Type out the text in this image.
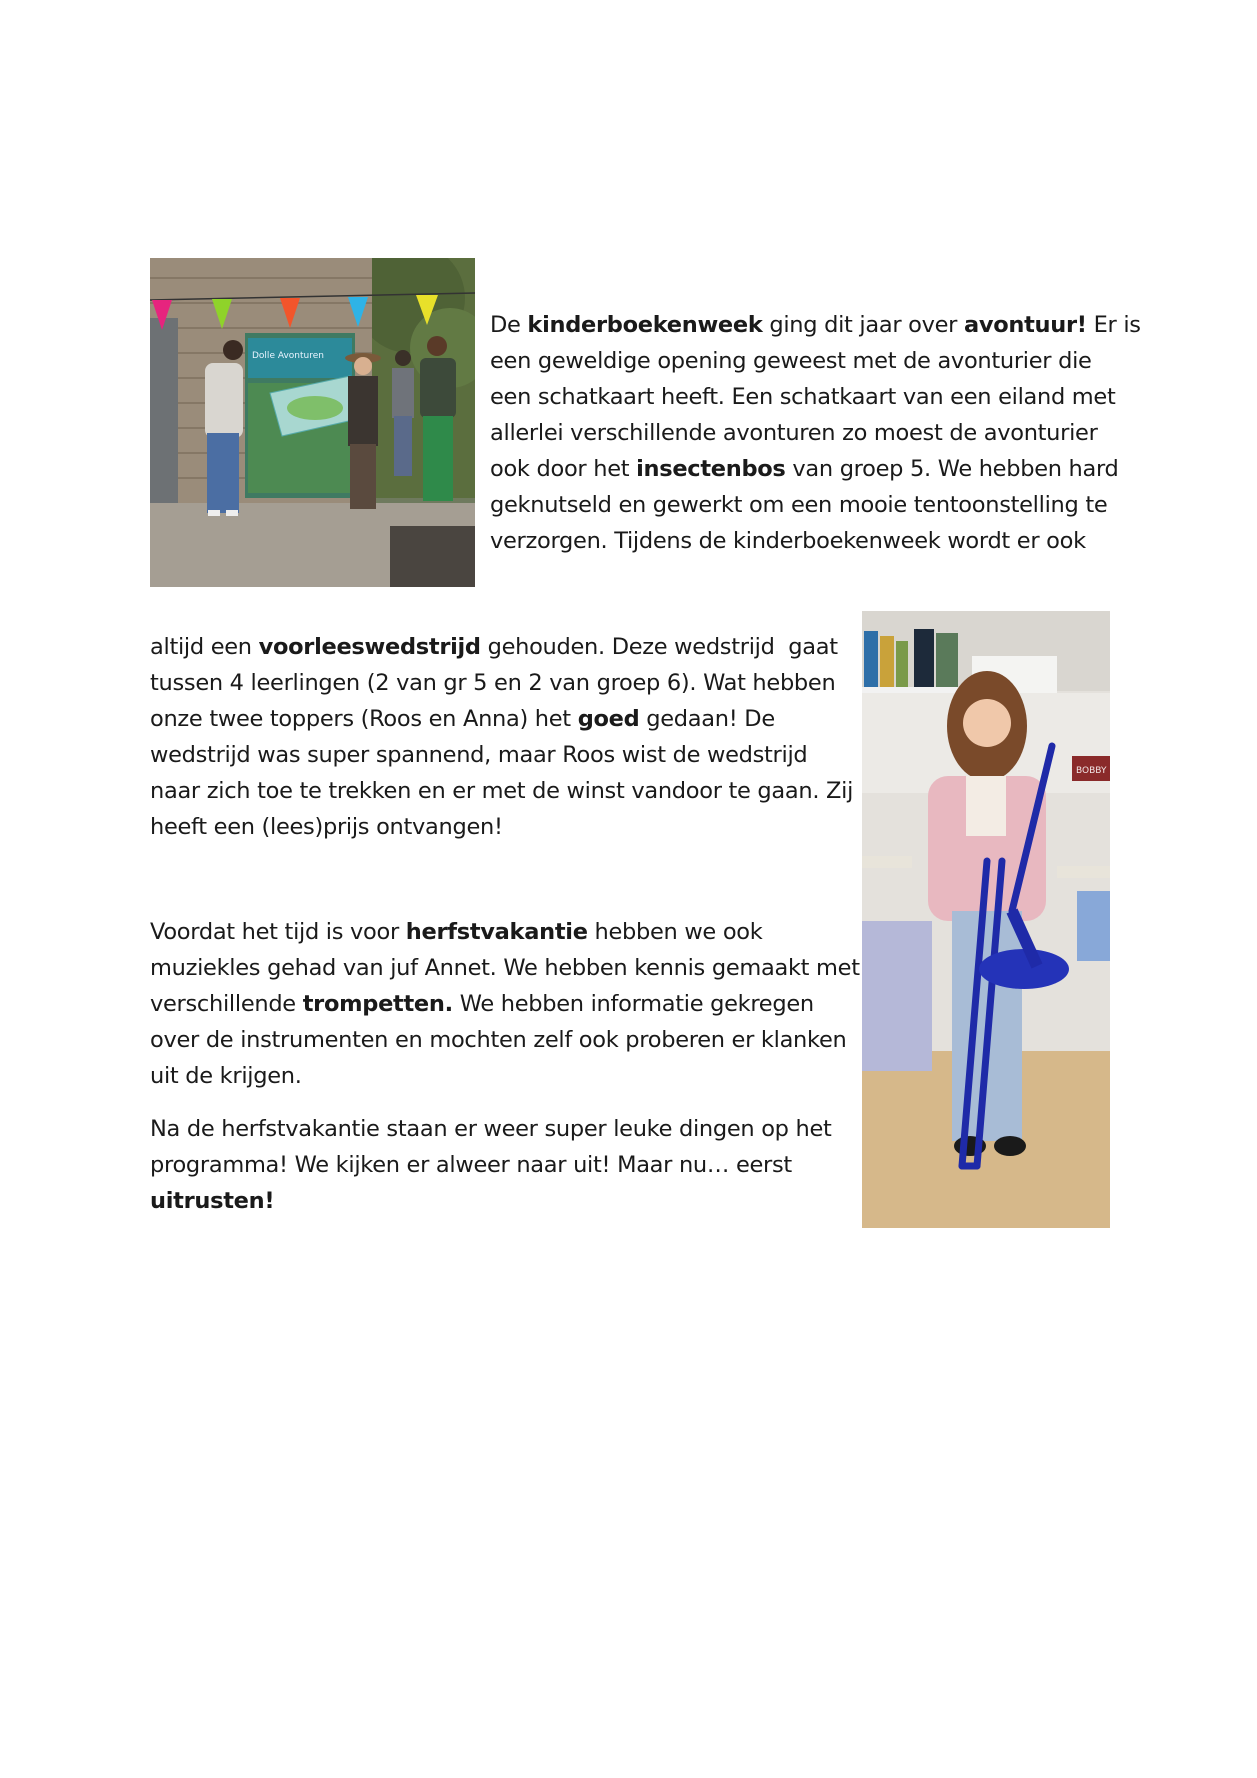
Dolle Avonturen
De kinderboekenweek ging dit jaar over avontuur! Er is
een geweldige opening geweest met de avonturier die
een schatkaart heeft. Een schatkaart van een eiland met
allerlei verschillende avonturen zo moest de avonturier
ook door het insectenbos van groep 5. We hebben hard
geknutseld en gewerkt om een mooie tentoonstelling te
verzorgen. Tijdens de kinderboekenweek wordt er ook
BOBBY
altijd een voorleeswedstrijd gehouden. Deze wedstrijd  gaat
tussen 4 leerlingen (2 van gr 5 en 2 van groep 6). Wat hebben
onze twee toppers (Roos en Anna) het goed gedaan! De
wedstrijd was super spannend, maar Roos wist de wedstrijd
naar zich toe te trekken en er met de winst vandoor te gaan. Zij
heeft een (lees)prijs ontvangen!
Voordat het tijd is voor herfstvakantie hebben we ook
muziekles gehad van juf Annet. We hebben kennis gemaakt met
verschillende trompetten. We hebben informatie gekregen
over de instrumenten en mochten zelf ook proberen er klanken
uit de krijgen.
Na de herfstvakantie staan er weer super leuke dingen op het
programma! We kijken er alweer naar uit! Maar nu… eerst
uitrusten!
